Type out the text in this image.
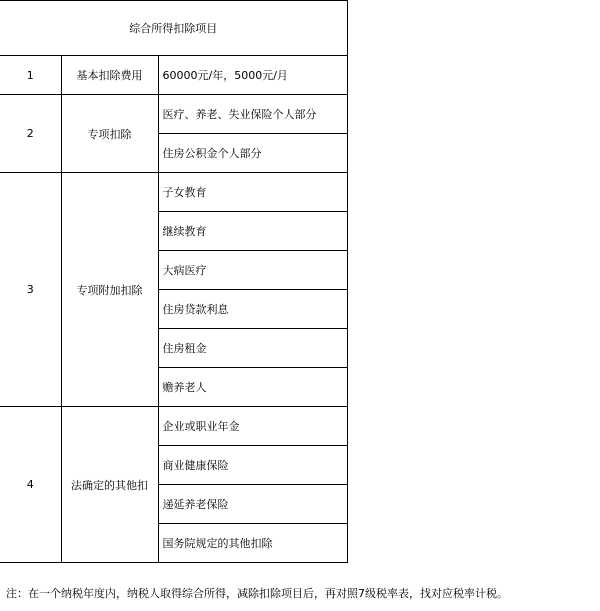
综合所得扣除项目		
1	基本扣除费用	60000元/年，5000元/月
2	专项扣除	医疗、养老、失业保险个人部分
		住房公积金个人部分
3	专项附加扣除	子女教育
		继续教育
		大病医疗
		住房贷款利息
		住房租金
		赡养老人
4	法确定的其他扣	企业或职业年金
		商业健康保险
		递延养老保险
		国务院规定的其他扣除
注：在一个纳税年度内，纳税人取得综合所得，减除扣除项目后，再对照7级税率表，找对应税率计税。
